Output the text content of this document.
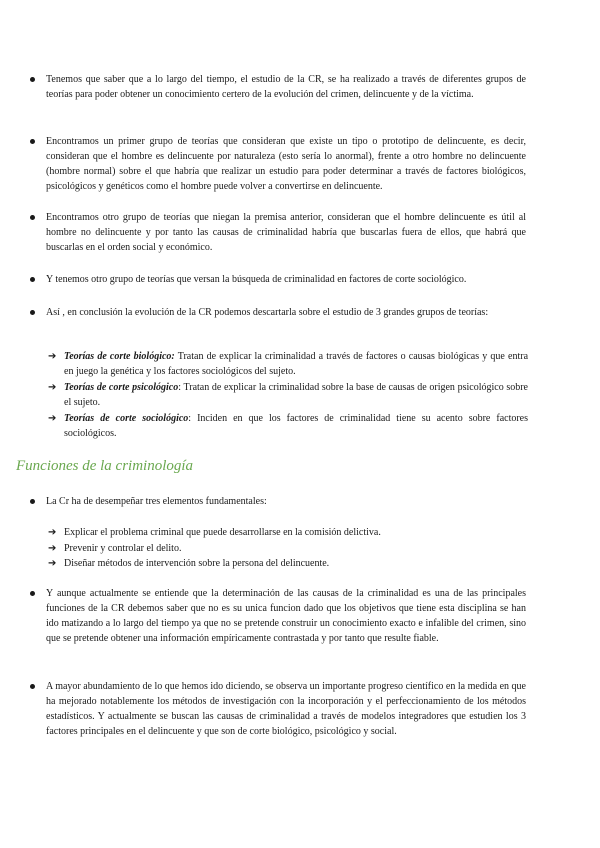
Tenemos que saber que a lo largo del tiempo, el estudio de la CR, se ha realizado a través de diferentes grupos de teorías para poder obtener un conocimiento certero de la evolución del crimen, delincuente y de la víctima.
Encontramos un primer grupo de teorías que consideran que existe un tipo o prototipo de delincuente, es decir, consideran que el hombre es delincuente por naturaleza (esto sería lo anormal), frente a otro hombre no delincuente (hombre normal) sobre el que habría que realizar un estudio para poder determinar a través de factores biológicos, psicológicos y genéticos como el hombre puede volver a convertirse en delincuente.
Encontramos otro grupo de teorías que niegan la premisa anterior, consideran que el hombre delincuente es útil al hombre no delincuente y por tanto las causas de criminalidad habría que buscarlas fuera de ellos, que habrá que buscarlas en el orden social y económico.
Y tenemos otro grupo de teorías que versan la búsqueda de criminalidad en factores de corte sociológico.
Así , en conclusión la evolución de la CR podemos descartarla sobre el estudio de 3 grandes grupos de teorías:
➔ Teorías de corte biológico: Tratan de explicar la criminalidad a través de factores o causas biológicas y que entra en juego la genética y los factores sociológicos del sujeto.
➔ Teorías de corte psicológico: Tratan de explicar la criminalidad sobre la base de causas de origen psicológico sobre el sujeto.
➔ Teorías de corte sociológico: Inciden en que los factores de criminalidad tiene su acento sobre factores sociológicos.
Funciones de la criminología
La Cr ha de desempeñar tres elementos fundamentales:
➔ Explicar el problema criminal que puede desarrollarse en la comisión delictiva.
➔ Prevenir y controlar el delito.
➔ Diseñar métodos de intervención sobre la persona del delincuente.
Y aunque actualmente se entiende que la determinación de las causas de la criminalidad es una de las principales funciones de la CR debemos saber que no es su unica funcion dado que los objetivos que tiene esta disciplina se han ido matizando a lo largo del tiempo ya que no se pretende construir un conocimiento exacto e infalible del crimen, sino que se pretende obtener una información empíricamente contrastada y por tanto que resulte fiable.
A mayor abundamiento de lo que hemos ido diciendo, se observa un importante progreso científico en la medida en que ha mejorado notablemente los métodos de investigación con la incorporación y el perfeccionamiento de los métodos estadísticos. Y actualmente se buscan las causas de criminalidad a través de modelos integradores que estudien los 3 factores principales en el delincuente y que son de corte biológico, psicológico y social.
